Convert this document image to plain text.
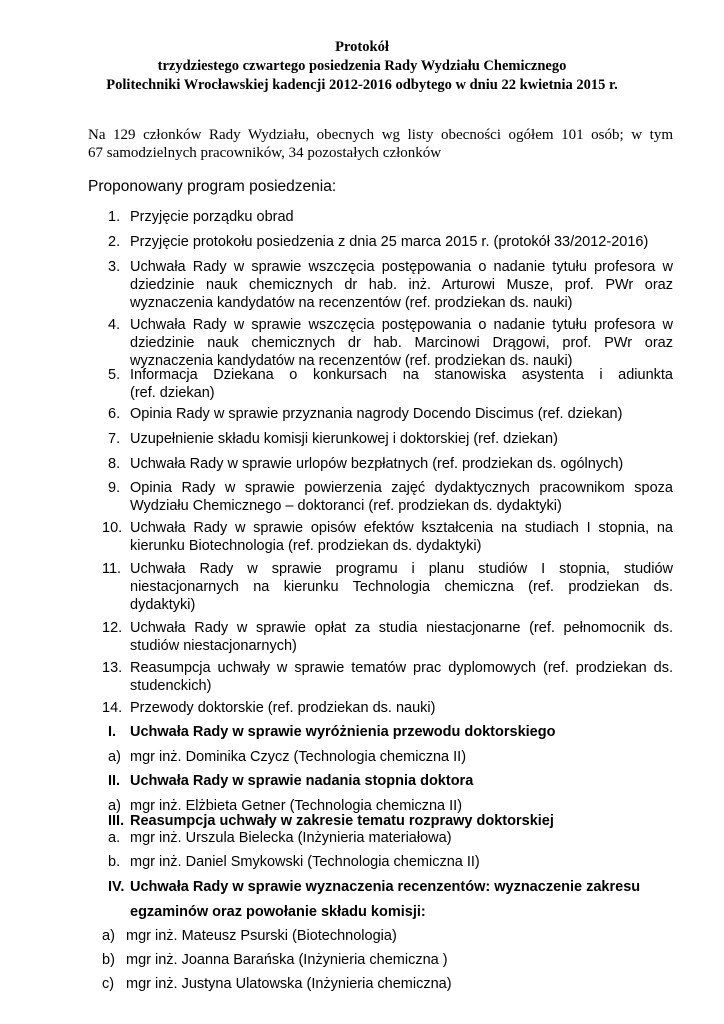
Protokół
trzydziestego czwartego posiedzenia Rady Wydziału Chemicznego
Politechniki Wrocławskiej kadencji 2012-2016 odbytego w dniu 22 kwietnia 2015 r.

Na 129 członków Rady Wydziału, obecnych wg listy obecności ogółem 101 osób; w tym

67 samodzielnych pracowników, 34 pozostałych członków

Proponowany program posiedzenia:
1. Przyjęcie porządku obrad
2. Przyjęcie protokołu posiedzenia z dnia 25 marca 2015 r. (protokół 33/2012-2016)
3. Uchwała Rady w sprawie wszczęcia postępowania o nadanie tytułu profesora w
dziedzinie nauk chemicznych dr hab. inż. Arturowi Musze, prof. PWr oraz
wyznaczenia kandydatów na recenzentów (ref. prodziekan ds. nauki)
4. Uchwała Rady w sprawie wszczęcia postępowania o nadanie tytułu profesora w
dziedzinie nauk chemicznych dr hab. Marcinowi Drągowi, prof. PWr oraz
wyznaczenia kandydatów na recenzentów (ref. prodziekan ds. nauki)
5. Informacja Dziekana o konkursach na stanowiska asystenta i adiunkta
(ref. dziekan)
6. Opinia Rady w sprawie przyznania nagrody Docendo Discimus (ref. dziekan)
7. Uzupełnienie składu komisji kierunkowej i doktorskiej (ref. dziekan)
8. Uchwała Rady w sprawie urlopów bezpłatnych (ref. prodziekan ds. ogólnych)
9. Opinia Rady w sprawie powierzenia zajęć dydaktycznych pracownikom spoza
Wydziału Chemicznego – doktoranci (ref. prodziekan ds. dydaktyki)
10. Uchwała Rady w sprawie opisów efektów kształcenia na studiach I stopnia, na
kierunku Biotechnologia (ref. prodziekan ds. dydaktyki)
11. Uchwała Rady w sprawie programu i planu studiów I stopnia, studiów
niestacjonarnych na kierunku Technologia chemiczna (ref. prodziekan ds.
dydaktyki)
12. Uchwała Rady w sprawie opłat za studia niestacjonarne (ref. pełnomocnik ds.
studiów niestacjonarnych)
13. Reasumpcja uchwały w sprawie tematów prac dyplomowych (ref. prodziekan ds.
studenckich)
14. Przewody doktorskie (ref. prodziekan ds. nauki)
I. Uchwała Rady w sprawie wyróżnienia przewodu doktorskiego
a) mgr inż. Dominika Czycz (Technologia chemiczna II)
II. Uchwała Rady w sprawie nadania stopnia doktora
a) mgr inż. Elżbieta Getner (Technologia chemiczna II)
III. Reasumpcja uchwały w zakresie tematu rozprawy doktorskiej
a. mgr inż. Urszula Bielecka (Inżynieria materiałowa)
b. mgr inż. Daniel Smykowski (Technologia chemiczna II)
IV. Uchwała Rady w sprawie wyznaczenia recenzentów: wyznaczenie zakresu
egzaminów oraz powołanie składu komisji:
a) mgr inż. Mateusz Psurski (Biotechnologia)
b) mgr inż. Joanna Barańska (Inżynieria chemiczna )
c) mgr inż. Justyna Ulatowska (Inżynieria chemiczna)
